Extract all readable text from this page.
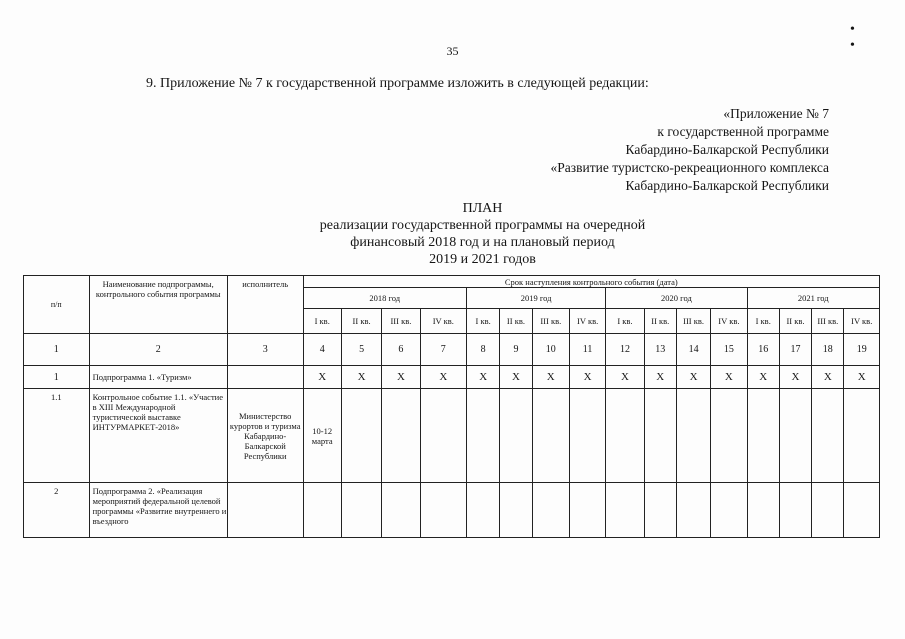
• •
35
9. Приложение № 7 к государственной программе изложить в следующей редакции:
«Приложение № 7
к государственной программе
Кабардино-Балкарской Республики
«Развитие туристско-рекреационного комплекса
Кабардино-Балкарской Республики
ПЛАН
реализации государственной программы на очередной
финансовый 2018 год и на плановый период
2019 и 2021 годов
п/п	Наименование подпрограммы, контрольного события программы	исполнитель	Срок наступления контрольного события (дата)															
			2018 год				2019 год				2020 год				2021 год			
			I кв.	II кв.	III кв.	IV кв.	I кв.	II кв.	III кв.	IV кв.	I кв.	II кв.	III кв.	IV кв.	I кв.	II кв.	III кв.	IV кв.
1	2	3	4	5	6	7	8	9	10	11	12	13	14	15	16	17	18	19
1	Подпрограмма 1. «Туризм»		Х	Х	Х	Х	Х	Х	Х	Х	Х	Х	Х	Х	Х	Х	Х	Х
1.1	Контрольное событие 1.1. «Участие в XIII Международной туристической выставке ИНТУРМАРКЕТ-2018»	Министерство курортов и туризма Кабардино-Балкарской Республики	10-12 марта															
2	Подпрограмма 2. «Реализация мероприятий федеральной целевой программы «Развитие внутреннего и въездного																	
